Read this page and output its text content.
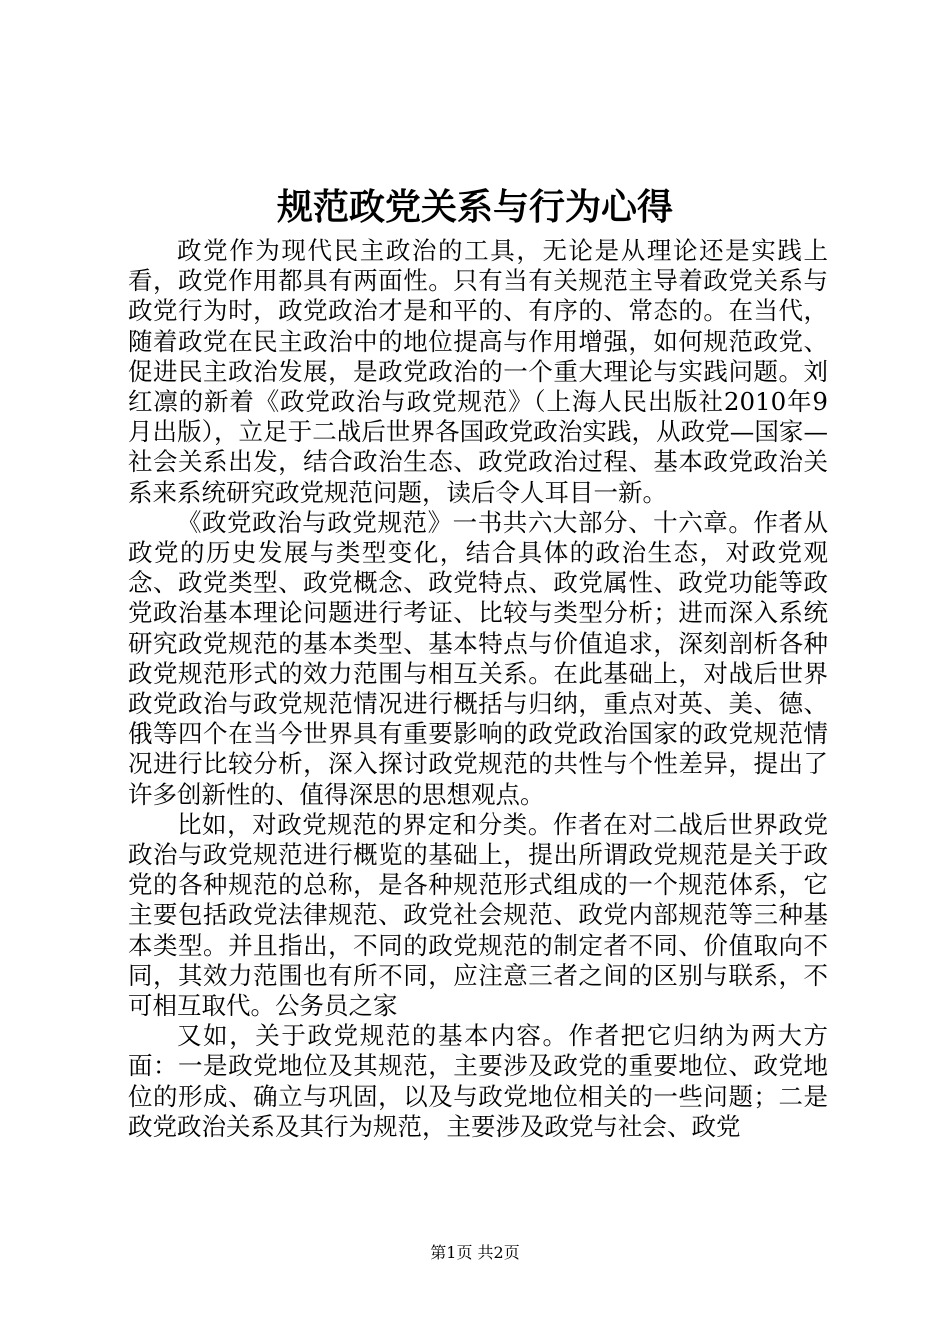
规范政党关系与行为心得

政党作为现代民主政治的工具，无论是从理论还是实践上看，政党作用都具有两面性。只有当有关规范主导着政党关系与政党行为时，政党政治才是和平的、有序的、常态的。在当代，随着政党在民主政治中的地位提高与作用增强，如何规范政党、促进民主政治发展，是政党政治的一个重大理论与实践问题。刘红凛的新着《政党政治与政党规范》（上海人民出版社2010年9月出版），立足于二战后世界各国政党政治实践，从政党—国家—社会关系出发，结合政治生态、政党政治过程、基本政党政治关系来系统研究政党规范问题，读后令人耳目一新。

《政党政治与政党规范》一书共六大部分、十六章。作者从政党的历史发展与类型变化，结合具体的政治生态，对政党观念、政党类型、政党概念、政党特点、政党属性、政党功能等政党政治基本理论问题进行考证、比较与类型分析；进而深入系统研究政党规范的基本类型、基本特点与价值追求，深刻剖析各种政党规范形式的效力范围与相互关系。在此基础上，对战后世界政党政治与政党规范情况进行概括与归纳，重点对英、美、德、俄等四个在当今世界具有重要影响的政党政治国家的政党规范情况进行比较分析，深入探讨政党规范的共性与个性差异，提出了许多创新性的、值得深思的思想观点。

比如，对政党规范的界定和分类。作者在对二战后世界政党政治与政党规范进行概览的基础上，提出所谓政党规范是关于政党的各种规范的总称，是各种规范形式组成的一个规范体系，它主要包括政党法律规范、政党社会规范、政党内部规范等三种基本类型。并且指出，不同的政党规范的制定者不同、价值取向不同，其效力范围也有所不同，应注意三者之间的区别与联系，不可相互取代。公务员之家

又如，关于政党规范的基本内容。作者把它归纳为两大方面：一是政党地位及其规范，主要涉及政党的重要地位、政党地位的形成、确立与巩固，以及与政党地位相关的一些问题；二是政党政治关系及其行为规范，主要涉及政党与社会、政党

第1页 共2页
